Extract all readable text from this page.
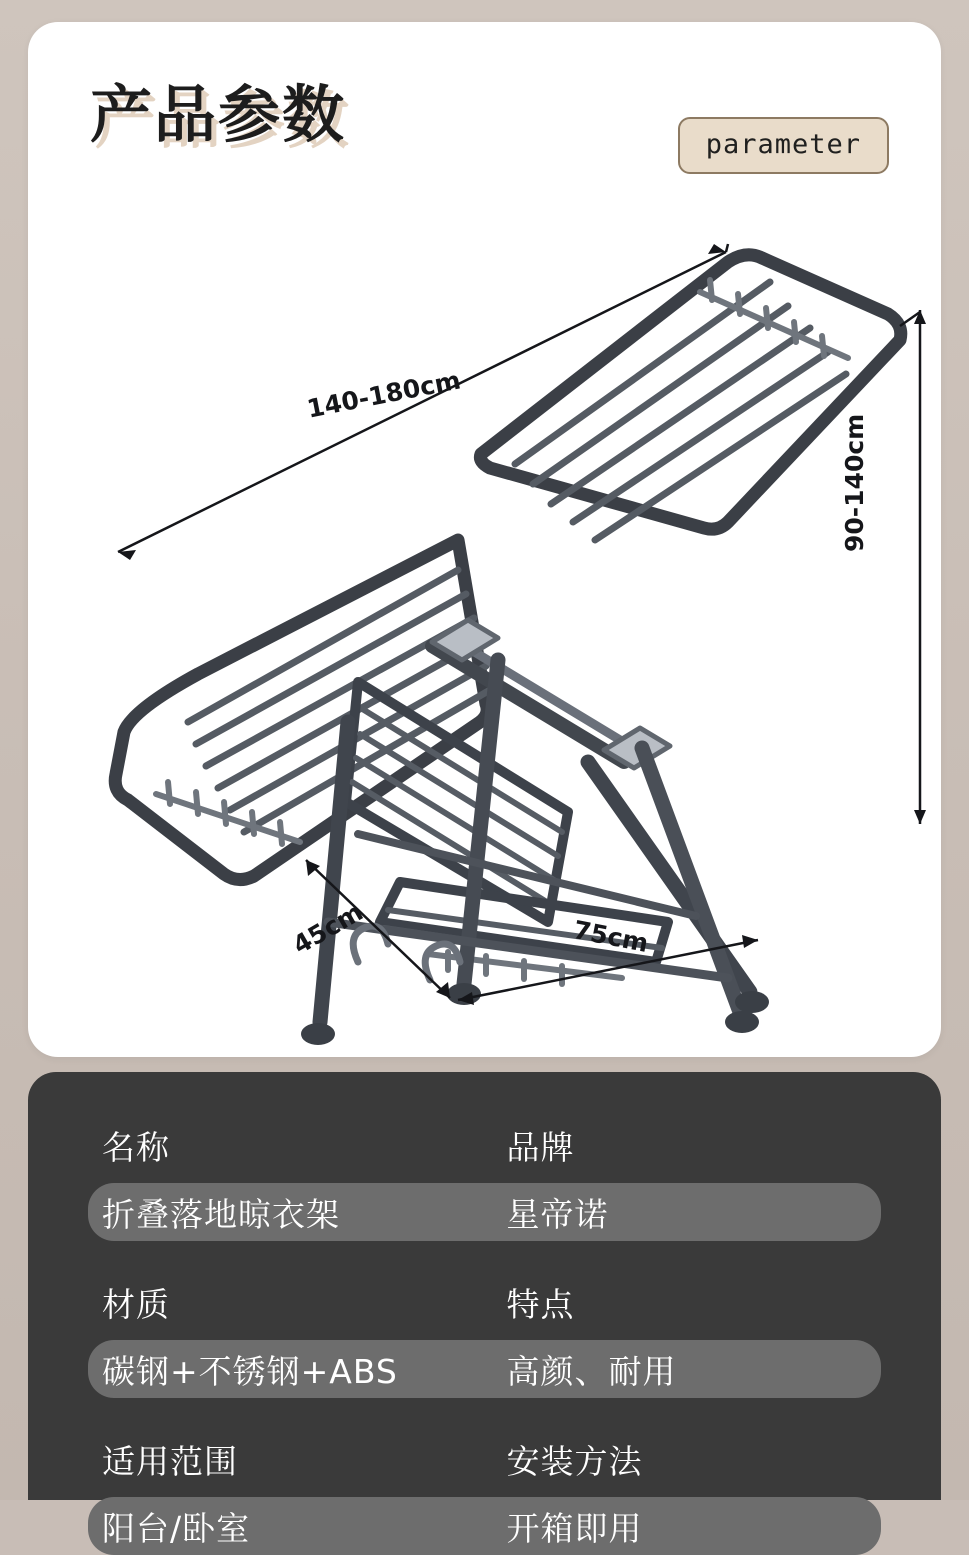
产品参数	parameter
140-180cm
90-140cm
45cm	75cm
名称	品牌
折叠落地晾衣架	星帝诺
材质	特点
碳钢+不锈钢+ABS	高颜、耐用
适用范围	安装方法
阳台/卧室	开箱即用
